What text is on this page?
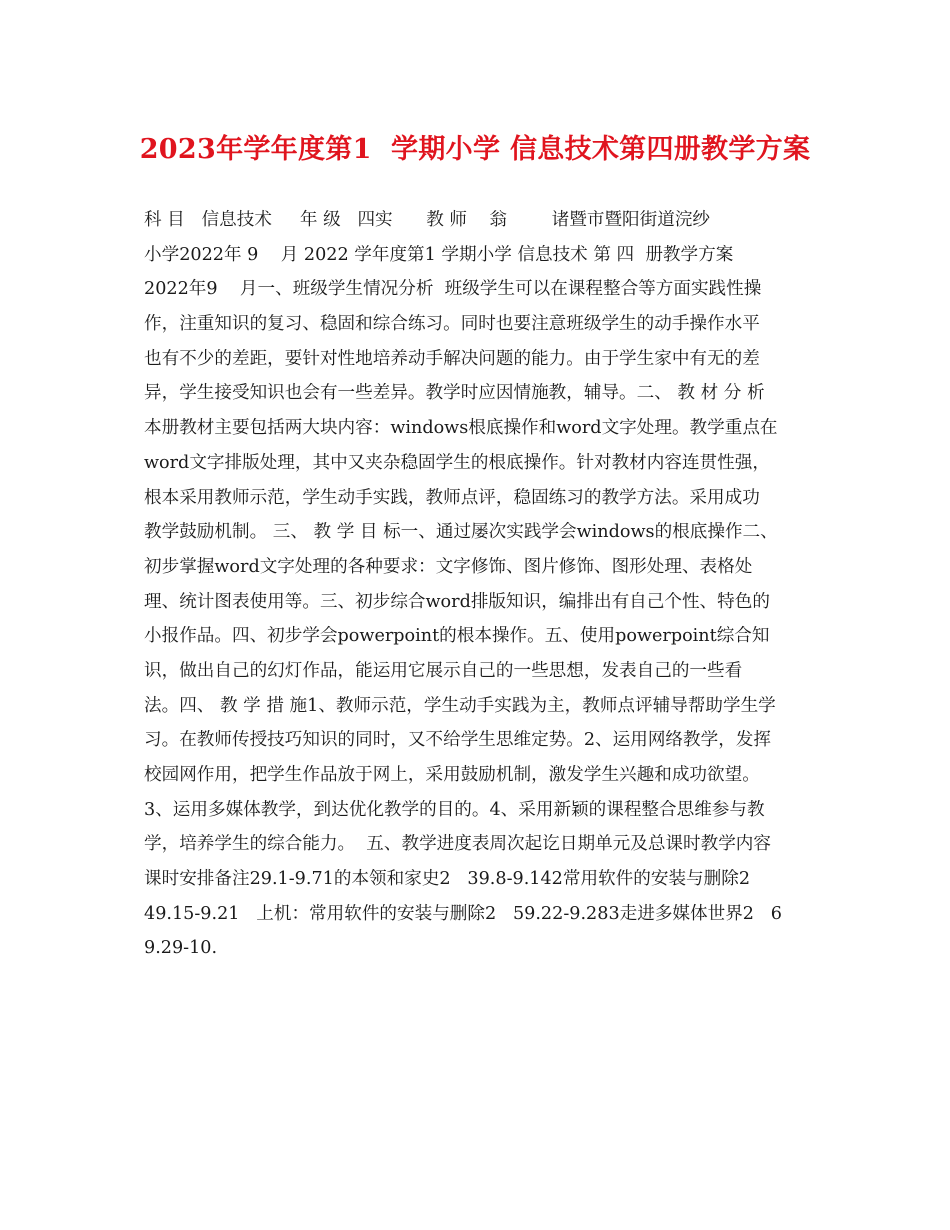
2023年学年度第1  学期小学 信息技术第四册教学方案
科 目   信息技术     年 级   四实      教 师    翁        诸暨市暨阳街道浣纱
小学2022年 9    月 2022 学年度第1 学期小学 信息技术 第 四  册教学方案
2022年9    月一、班级学生情况分析  班级学生可以在课程整合等方面实践性操
作，注重知识的复习、稳固和综合练习。同时也要注意班级学生的动手操作水平
也有不少的差距，要针对性地培养动手解决问题的能力。由于学生家中有无的差
异，学生接受知识也会有一些差异。教学时应因情施教，辅导。二、 教 材 分 析
本册教材主要包括两大块内容：windows根底操作和word文字处理。教学重点在
word文字排版处理，其中又夹杂稳固学生的根底操作。针对教材内容连贯性强，
根本采用教师示范，学生动手实践，教师点评，稳固练习的教学方法。采用成功
教学鼓励机制。 三、 教 学 目 标一、通过屡次实践学会windows的根底操作二、
初步掌握word文字处理的各种要求：文字修饰、图片修饰、图形处理、表格处
理、统计图表使用等。三、初步综合word排版知识，编排出有自己个性、特色的
小报作品。四、初步学会powerpoint的根本操作。五、使用powerpoint综合知
识，做出自己的幻灯作品，能运用它展示自己的一些思想，发表自己的一些看
法。四、 教 学 措 施1、教师示范，学生动手实践为主，教师点评辅导帮助学生学
习。在教师传授技巧知识的同时，又不给学生思维定势。2、运用网络教学，发挥
校园网作用，把学生作品放于网上，采用鼓励机制，激发学生兴趣和成功欲望。
3、运用多媒体教学，到达优化教学的目的。4、采用新颖的课程整合思维参与教
学，培养学生的综合能力。  五、教学进度表周次起讫日期单元及总课时教学内容
课时安排备注29.1-9.71的本领和家史2   39.8-9.142常用软件的安装与删除2
49.15-9.21   上机：常用软件的安装与删除2   59.22-9.283走进多媒体世界2   6
9.29-10.
